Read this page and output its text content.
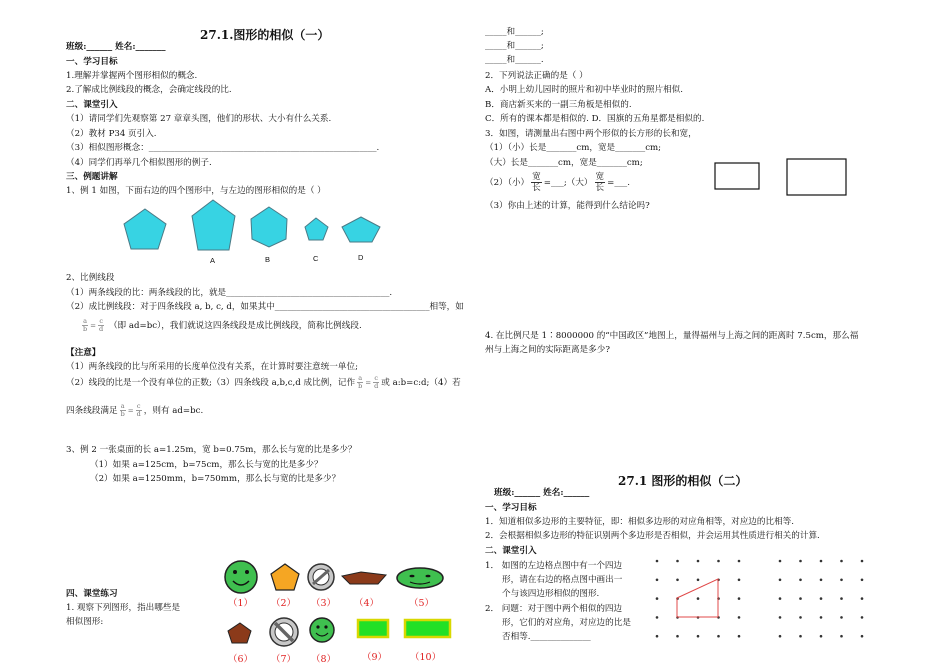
27.1.图形的相似（一）
班级:______ 姓名:_______
一、学习目标
1.理解并掌握两个图形相似的概念.
2.了解成比例线段的概念，会确定线段的比.
二、课堂引入
（1）请同学们先观察第 27 章章头图，他们的形状、大小有什么关系.
（2）教材 P34 页引入.
（3）相似图形概念：_____________________________________________________.
（4）同学们再举几个相似图形的例子.
三、例题讲解
1、例 1 如图，下面右边的四个图形中，与左边的图形相似的是（ ）
A	B	C	D
2、比例线段
（1）两条线段的比：两条线段的比，就是______________________________________.
（2）成比例线段：对于四条线段 a, b, c, d，如果其中____________________________________相等，如
$\frac{a}{b} = \frac{c}{d}$ （即 ad=bc），我们就说这四条线段是成比例线段，简称比例线段.
【注意】
（1）两条线段的比与所采用的长度单位没有关系，在计算时要注意统一单位;
（2）线段的比是一个没有单位的正数;（3）四条线段 a,b,c,d 成比例，记作 $\frac{a}{b} = \frac{c}{d}$ 或 a:b=c:d;（4）若
四条线段满足 $\frac{a}{b} = \frac{c}{d}$ ，则有 ad=bc.
3、例 2 一张桌面的长 a=1.25m，宽 b=0.75m，那么长与宽的比是多少？
（1）如果 a=125cm，b=75cm，那么长与宽的比是多少？
（2）如果 a=1250mm，b=750mm，那么长与宽的比是多少？
四、课堂练习
1. 观察下列图形，指出哪些是
相似图形:
（1） （2） （3） （4）	（5）
（6） （7） （8）	（9） （10）
_____和______;
_____和______;
_____和______.
2．下列说法正确的是（ ）
A．小明上幼儿园时的照片和初中毕业时的照片相似.
B．商店新买来的一副三角板是相似的.
C．所有的课本都是相似的. D．国旗的五角星都是相似的.
3．如图，请测量出右图中两个形似的长方形的长和宽，
（1）（小）长是_______cm，宽是_______cm;
（大）长是_______cm，宽是_______cm;
（2）（小）
宽
长 =___;（大）
宽
长 =___.
（3）你由上述的计算，能得到什么结论吗?
4. 在比例尺是 1∶8000000 的“中国政区”地图上，量得福州与上海之间的距离时 7.5cm，那么福
州与上海之间的实际距离是多少?
27.1 图形的相似（二）
班级:______ 姓名:______
一、学习目标
1．知道相似多边形的主要特征，即：相似多边形的对应角相等，对应边的比相等.
2．会根据相似多边形的特征识别两个多边形是否相似，并会运用其性质进行相关的计算.
二、课堂引入
1． 如图的左边格点图中有一个四边
形，请在右边的格点图中画出一
个与该四边形相似的图形.
2． 问题：对于图中两个相似的四边
形，它们的对应角，对应边的比是
否相等.______________
